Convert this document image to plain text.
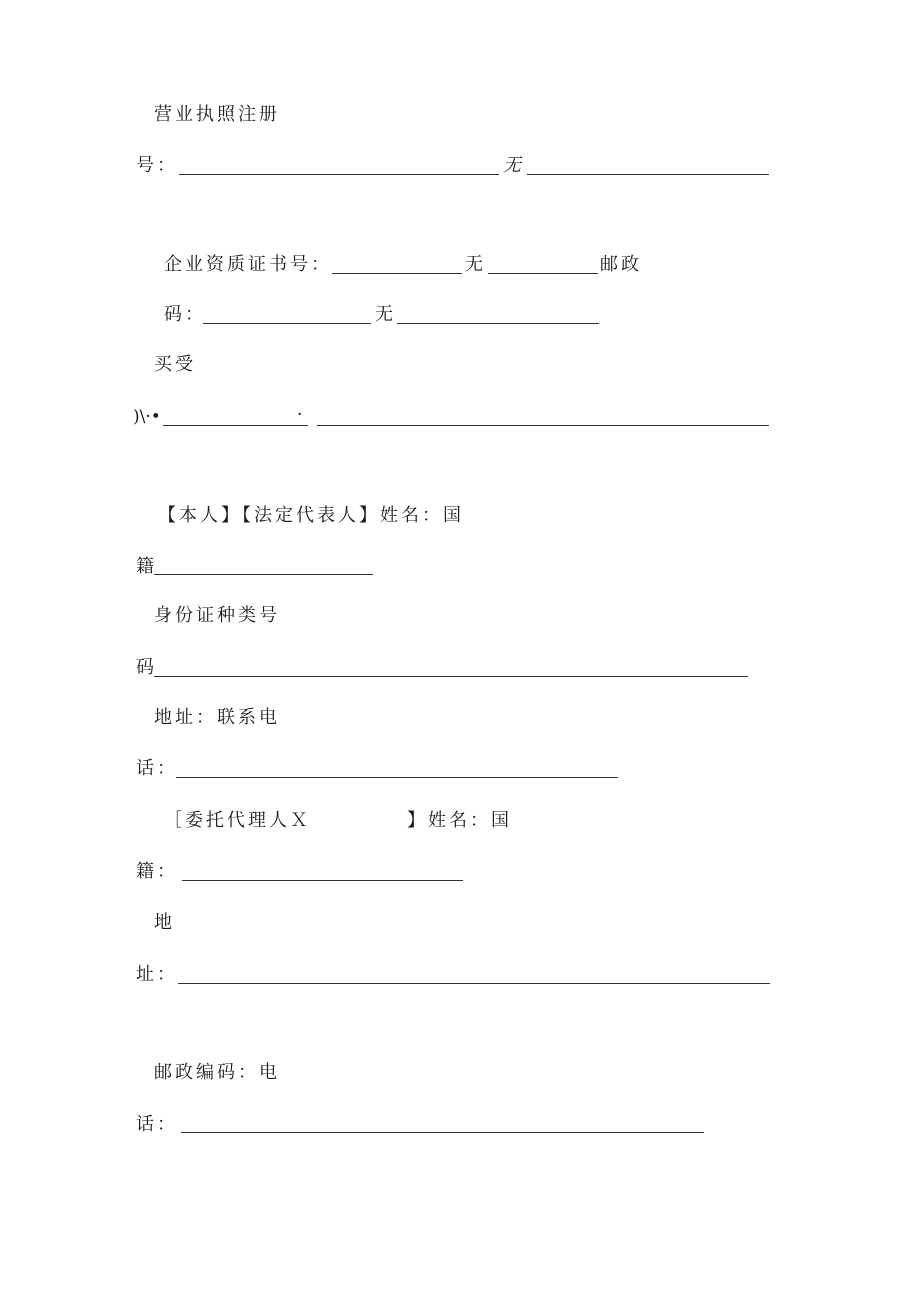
营业执照注册
号：	无
企业资质证书号：	无	邮政
码：	无
买受
)\·•	·
【本人】【法定代表人】姓名：国
籍
身份证种类号
码
地址：联系电
话：
［委托代理人Ｘ	】姓名：国
籍：
地
址：
邮政编码：电
话：
